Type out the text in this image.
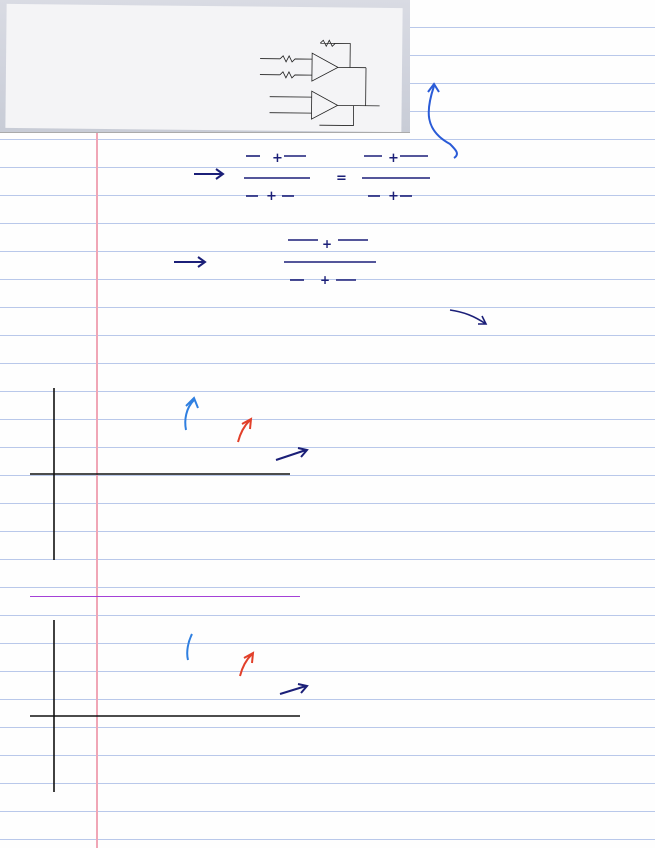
+
+
=
+
+
+
+
